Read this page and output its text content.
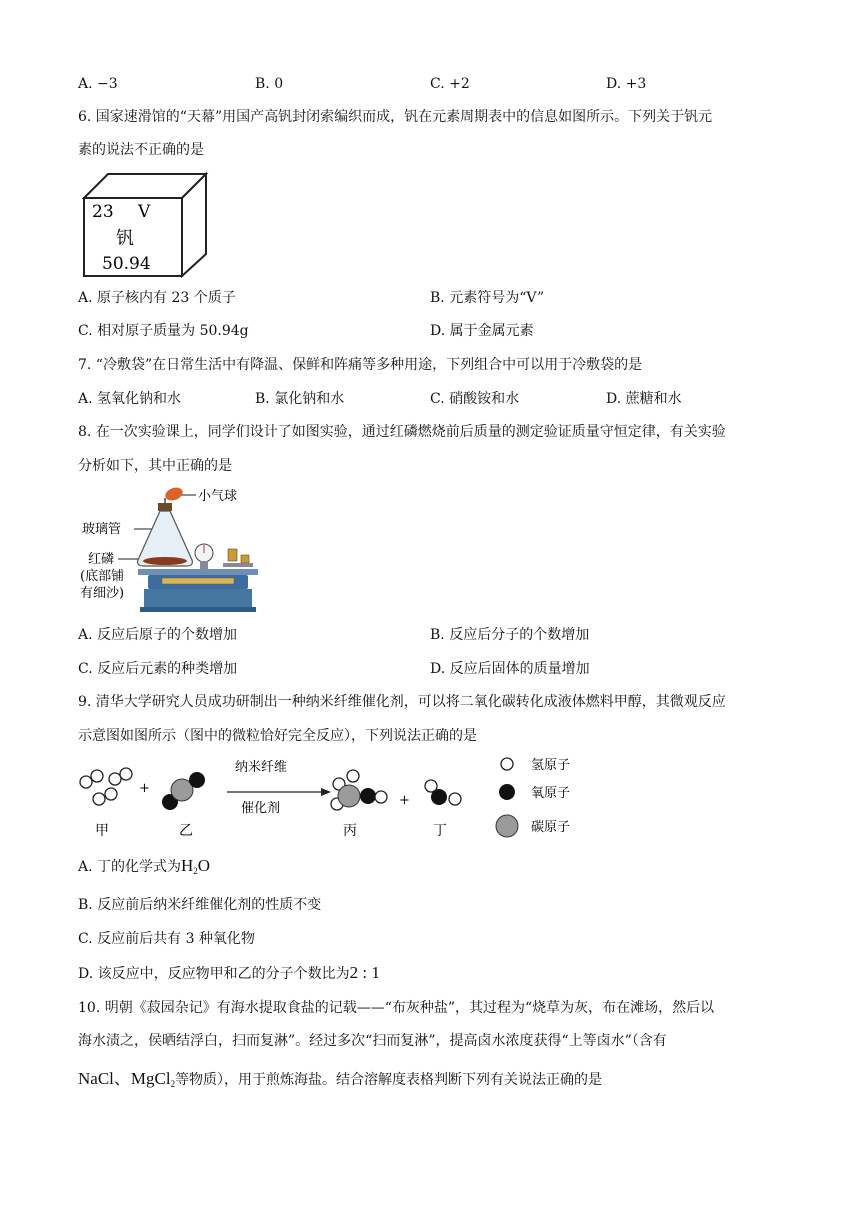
A. −3	B. 0	C. +2	D. +3
6. 国家速滑馆的“天幕”用国产高钒封闭索编织而成，钒在元素周期表中的信息如图所示。下列关于钒元
素的说法不正确的是
23 V
钒
50.94
A. 原子核内有 23 个质子	B. 元素符号为“V”
C. 相对原子质量为 50.94g	D. 属于金属元素
7. “冷敷袋”在日常生活中有降温、保鲜和阵痛等多种用途，下列组合中可以用于冷敷袋的是
A. 氢氧化钠和水	B. 氯化钠和水	C. 硝酸铵和水	D. 蔗糖和水
8. 在一次实验课上，同学们设计了如图实验，通过红磷燃烧前后质量的测定验证质量守恒定律，有关实验
分析如下，其中正确的是
小气球
玻璃管
红磷
(底部铺
有细沙)
A. 反应后原子的个数增加	B. 反应后分子的个数增加
C. 反应后元素的种类增加	D. 反应后固体的质量增加
9. 清华大学研究人员成功研制出一种纳米纤维催化剂，可以将二氧化碳转化成液体燃料甲醇，其微观反应
示意图如图所示（图中的微粒恰好完全反应），下列说法正确的是
甲
+
乙
纳米纤维
催化剂
丙
+
丁
氢原子
氧原子
碳原子
A. 丁的化学式为$H_2O$
B. 反应前后纳米纤维催化剂的性质不变
C. 反应前后共有 3 种氧化物
D. 该反应中，反应物甲和乙的分子个数比为2 : 1
10. 明朝《菽园杂记》有海水提取食盐的记载——“布灰种盐”，其过程为“烧草为灰，布在滩场，然后以
海水渍之，侯晒结浮白，扫而复淋”。经过多次“扫而复淋”，提高卤水浓度获得“上等卤水”（含有
NaCl、MgCl$_2$等物质），用于煎炼海盐。结合溶解度表格判断下列有关说法正确的是
